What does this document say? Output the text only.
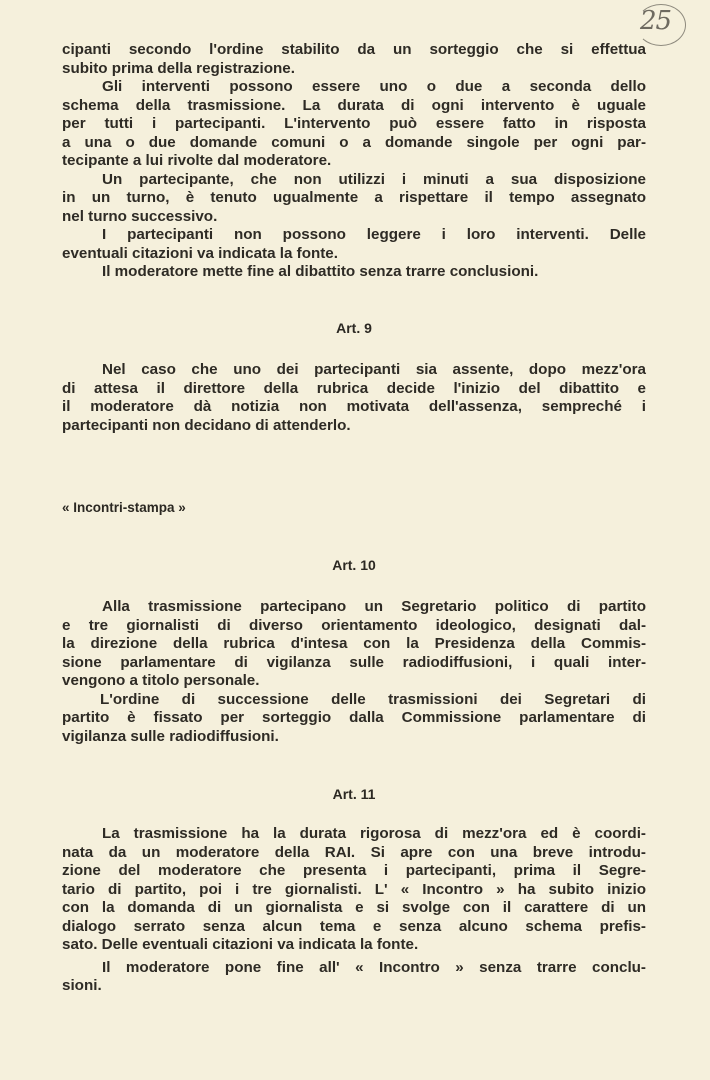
25
cipanti secondo l'ordine stabilito da un sorteggio che si effettua
subito prima della registrazione.
Gli interventi possono essere uno o due a seconda dello
schema della trasmissione. La durata di ogni intervento è uguale
per tutti i partecipanti. L'intervento può essere fatto in risposta
a una o due domande comuni o a domande singole per ogni par-
tecipante a lui rivolte dal moderatore.
Un partecipante, che non utilizzi i minuti a sua disposizione
in un turno, è tenuto ugualmente a rispettare il tempo assegnato
nel turno successivo.
I partecipanti non possono leggere i loro interventi. Delle
eventuali citazioni va indicata la fonte.
Il moderatore mette fine al dibattito senza trarre conclusioni.
Art. 9
Nel caso che uno dei partecipanti sia assente, dopo mezz'ora
di attesa il direttore della rubrica decide l'inizio del dibattito e
il moderatore dà notizia non motivata dell'assenza, sempreché i
partecipanti non decidano di attenderlo.
« Incontri-stampa »
Art. 10
Alla trasmissione partecipano un Segretario politico di partito
e tre giornalisti di diverso orientamento ideologico, designati dal-
la direzione della rubrica d'intesa con la Presidenza della Commis-
sione parlamentare di vigilanza sulle radiodiffusioni, i quali inter-
vengono a titolo personale.
L'ordine di successione delle trasmissioni dei Segretari di
partito è fissato per sorteggio dalla Commissione parlamentare di
vigilanza sulle radiodiffusioni.
Art. 11
La trasmissione ha la durata rigorosa di mezz'ora ed è coordi-
nata da un moderatore della RAI. Si apre con una breve introdu-
zione del moderatore che presenta i partecipanti, prima il Segre-
tario di partito, poi i tre giornalisti. L' « Incontro » ha subito inizio
con la domanda di un giornalista e si svolge con il carattere di un
dialogo serrato senza alcun tema e senza alcuno schema prefis-
sato. Delle eventuali citazioni va indicata la fonte.
Il moderatore pone fine all' « Incontro » senza trarre conclu-
sioni.
